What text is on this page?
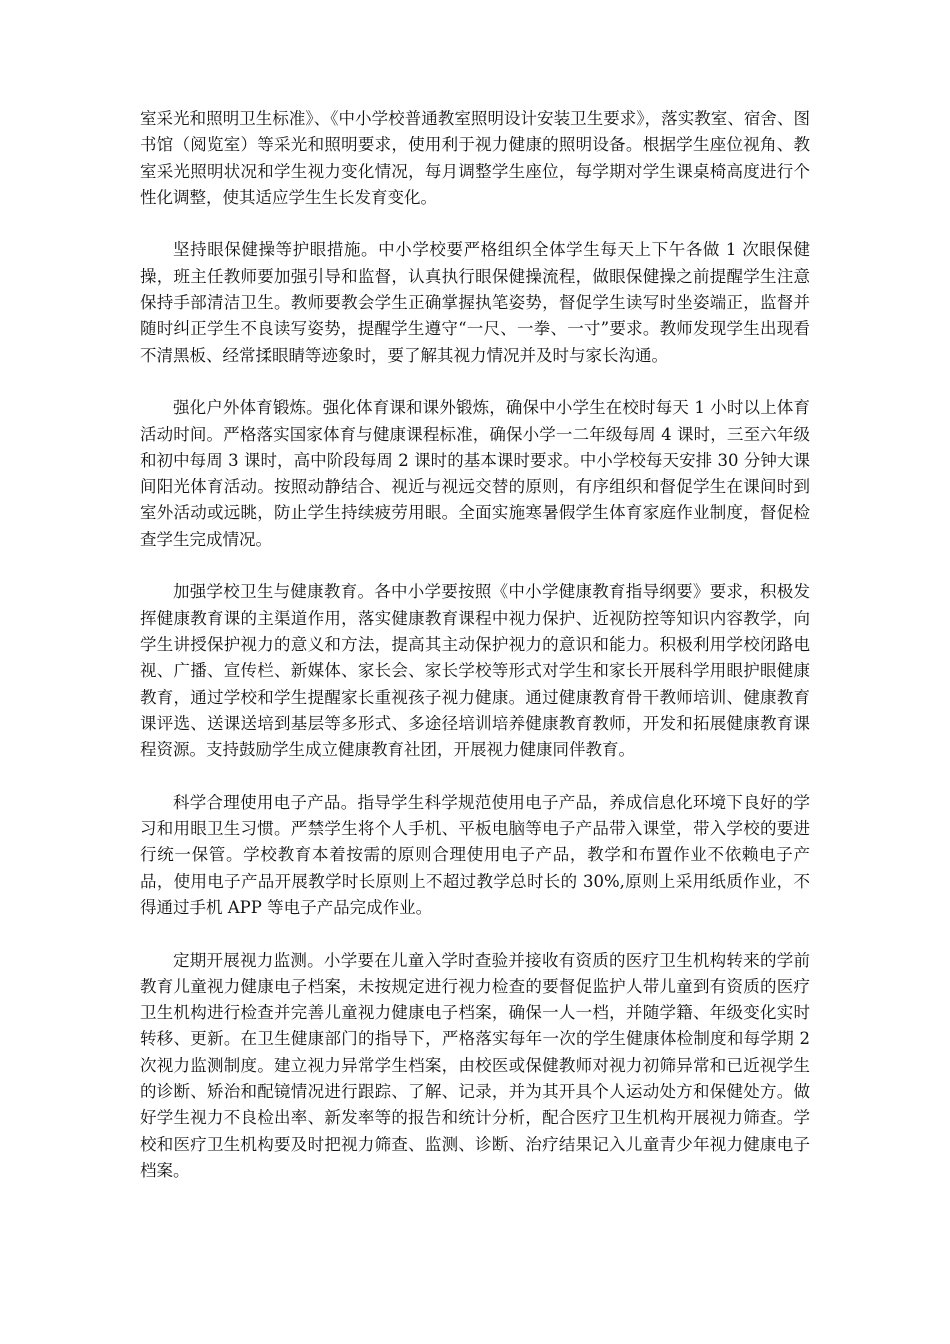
室采光和照明卫生标准》、《中小学校普通教室照明设计安装卫生要求》，落实教室、宿舍、图书馆（阅览室）等采光和照明要求，使用利于视力健康的照明设备。根据学生座位视角、教室采光照明状况和学生视力变化情况，每月调整学生座位，每学期对学生课桌椅高度进行个性化调整，使其适应学生生长发育变化。

坚持眼保健操等护眼措施。中小学校要严格组织全体学生每天上下午各做 1 次眼保健操，班主任教师要加强引导和监督，认真执行眼保健操流程，做眼保健操之前提醒学生注意保持手部清洁卫生。教师要教会学生正确掌握执笔姿势，督促学生读写时坐姿端正，监督并随时纠正学生不良读写姿势，提醒学生遵守“一尺、一拳、一寸”要求。教师发现学生出现看不清黑板、经常揉眼睛等迹象时，要了解其视力情况并及时与家长沟通。

强化户外体育锻炼。强化体育课和课外锻炼，确保中小学生在校时每天 1 小时以上体育活动时间。严格落实国家体育与健康课程标准，确保小学一二年级每周 4 课时，三至六年级和初中每周 3 课时，高中阶段每周 2 课时的基本课时要求。中小学校每天安排 30 分钟大课间阳光体育活动。按照动静结合、视近与视远交替的原则，有序组织和督促学生在课间时到室外活动或远眺，防止学生持续疲劳用眼。全面实施寒暑假学生体育家庭作业制度，督促检查学生完成情况。

加强学校卫生与健康教育。各中小学要按照《中小学健康教育指导纲要》要求，积极发挥健康教育课的主渠道作用，落实健康教育课程中视力保护、近视防控等知识内容教学，向学生讲授保护视力的意义和方法，提高其主动保护视力的意识和能力。积极利用学校闭路电视、广播、宣传栏、新媒体、家长会、家长学校等形式对学生和家长开展科学用眼护眼健康教育，通过学校和学生提醒家长重视孩子视力健康。通过健康教育骨干教师培训、健康教育课评选、送课送培到基层等多形式、多途径培训培养健康教育教师，开发和拓展健康教育课程资源。支持鼓励学生成立健康教育社团，开展视力健康同伴教育。

科学合理使用电子产品。指导学生科学规范使用电子产品，养成信息化环境下良好的学习和用眼卫生习惯。严禁学生将个人手机、平板电脑等电子产品带入课堂，带入学校的要进行统一保管。学校教育本着按需的原则合理使用电子产品，教学和布置作业不依赖电子产品，使用电子产品开展教学时长原则上不超过教学总时长的 30%,原则上采用纸质作业，不得通过手机 APP 等电子产品完成作业。

定期开展视力监测。小学要在儿童入学时查验并接收有资质的医疗卫生机构转来的学前教育儿童视力健康电子档案，未按规定进行视力检查的要督促监护人带儿童到有资质的医疗卫生机构进行检查并完善儿童视力健康电子档案，确保一人一档，并随学籍、年级变化实时转移、更新。在卫生健康部门的指导下，严格落实每年一次的学生健康体检制度和每学期 2 次视力监测制度。建立视力异常学生档案，由校医或保健教师对视力初筛异常和已近视学生的诊断、矫治和配镜情况进行跟踪、了解、记录，并为其开具个人运动处方和保健处方。做好学生视力不良检出率、新发率等的报告和统计分析，配合医疗卫生机构开展视力筛查。学校和医疗卫生机构要及时把视力筛查、监测、诊断、治疗结果记入儿童青少年视力健康电子档案。
